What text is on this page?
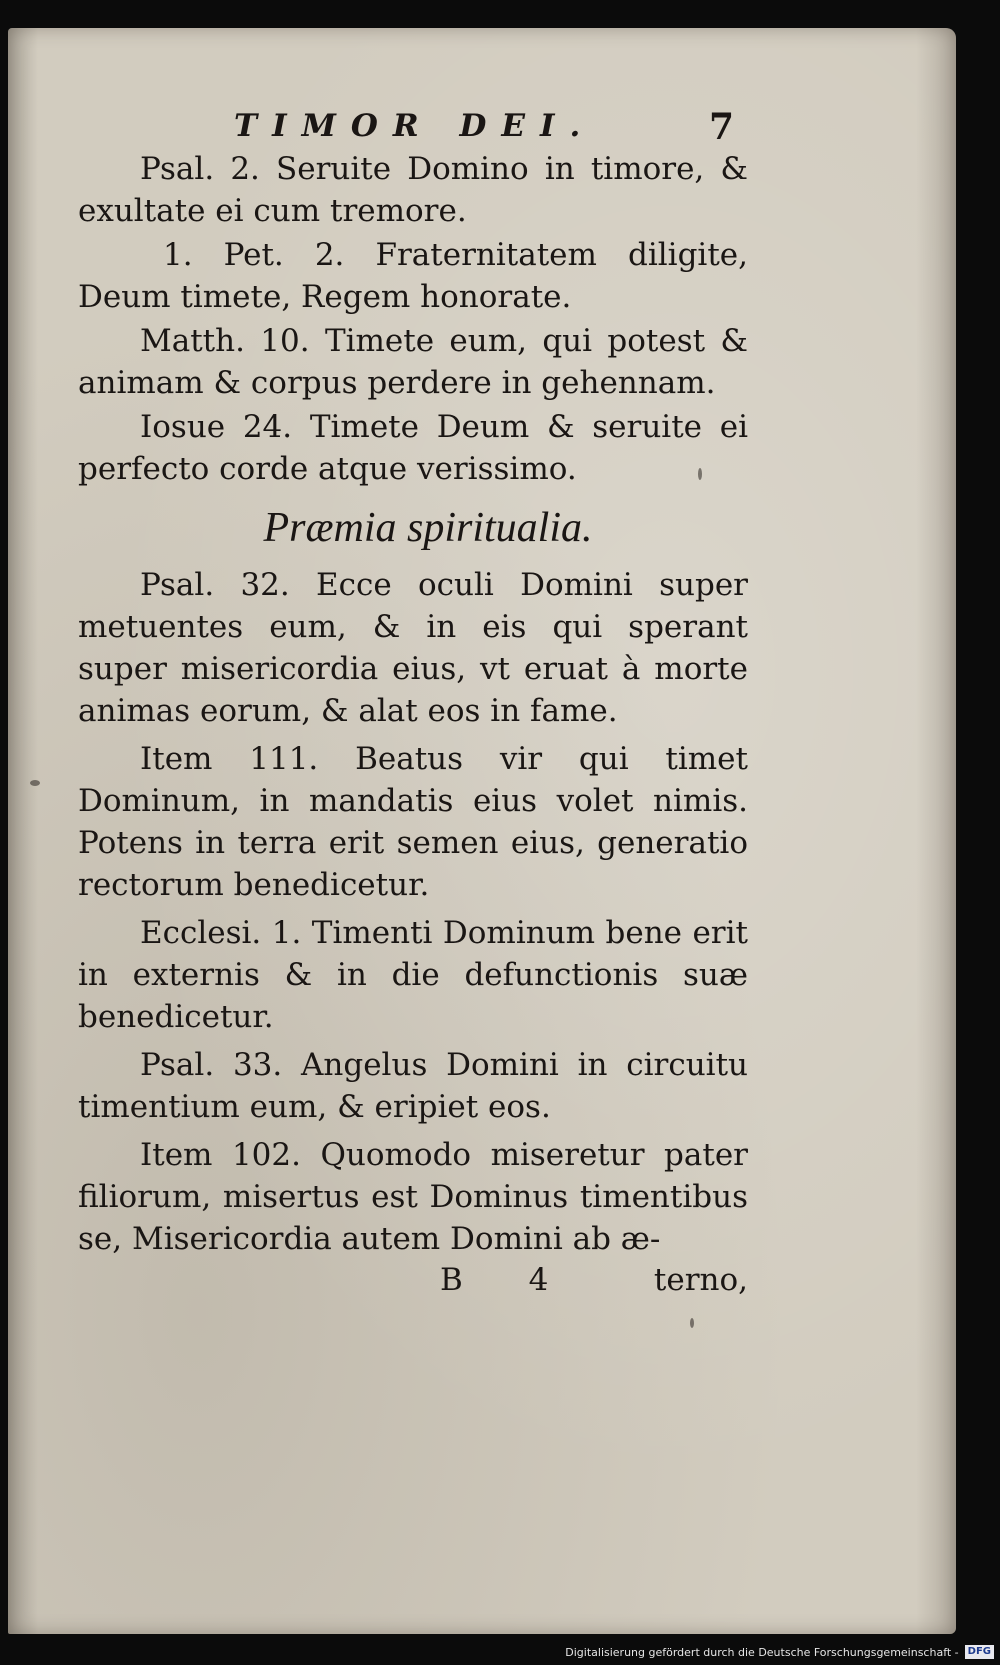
TIMOR DEI.	7

Psal. 2. Seruite Domino in timore, & exultate ei cum tremore.

1. Pet. 2. Fraternitatem diligite, Deum timete, Regem honorate.

Matth. 10. Timete eum, qui potest & animam & corpus perdere in gehennam.

Iosue 24. Timete Deum & seruite ei perfecto corde atque verissimo.

Præmia spiritualia.

Psal. 32. Ecce oculi Domini super metuentes eum, & in eis qui sperant super misericordia eius, vt eruat à morte animas eorum, & alat eos in fame.

Item 111. Beatus vir qui timet Dominum, in mandatis eius volet nimis. Potens in terra erit semen eius, generatio rectorum benedicetur.

Ecclesi. 1. Timenti Dominum bene erit in externis & in die defunctionis suæ benedicetur.

Psal. 33. Angelus Domini in circuitu timentium eum, & eripiet eos.

Item 102. Quomodo miseretur pater filiorum, misertus est Dominus timentibus se, Misericordia autem Domini ab æ-

B 4	terno,
Digitalisierung gefördert durch die Deutsche Forschungsgemeinschaft - DFG
